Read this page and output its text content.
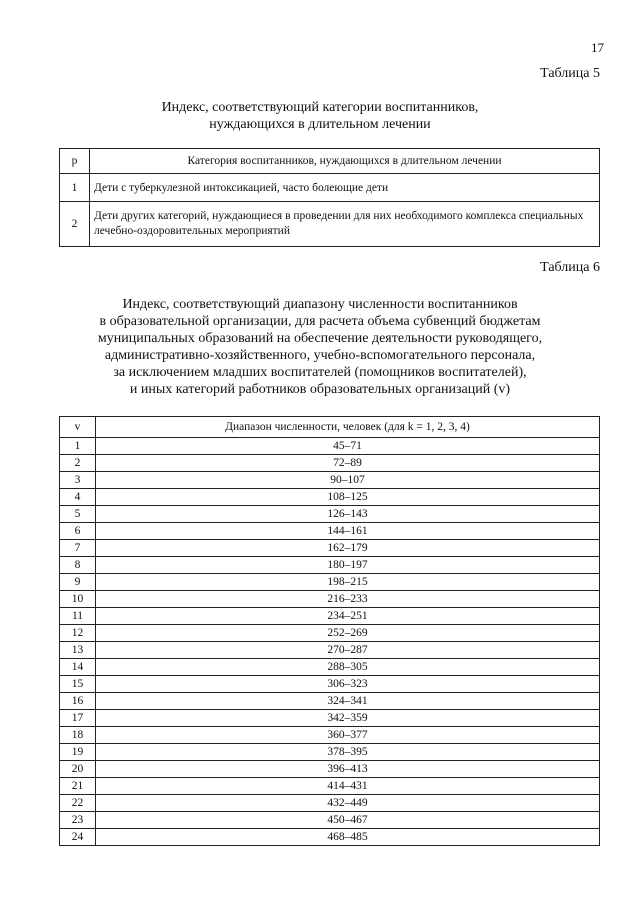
17
Таблица 5
Индекс, соответствующий категории воспитанников,
нуждающихся в длительном лечении
р	Категория воспитанников, нуждающихся в длительном лечении
1	Дети с туберкулезной интоксикацией, часто болеющие дети
2	Дети других категорий, нуждающиеся в проведении для них необходимого комплекса специальных лечебно-оздоровительных мероприятий
Таблица 6
Индекс, соответствующий диапазону численности воспитанников
в образовательной организации, для расчета объема субвенций бюджетам
муниципальных образований на обеспечение деятельности руководящего,
административно-хозяйственного, учебно-вспомогательного персонала,
за исключением младших воспитателей (помощников воспитателей),
и иных категорий работников образовательных организаций (v)
v	Диапазон численности, человек (для k = 1, 2, 3, 4)
1	45–71
2	72–89
3	90–107
4	108–125
5	126–143
6	144–161
7	162–179
8	180–197
9	198–215
10	216–233
11	234–251
12	252–269
13	270–287
14	288–305
15	306–323
16	324–341
17	342–359
18	360–377
19	378–395
20	396–413
21	414–431
22	432–449
23	450–467
24	468–485
